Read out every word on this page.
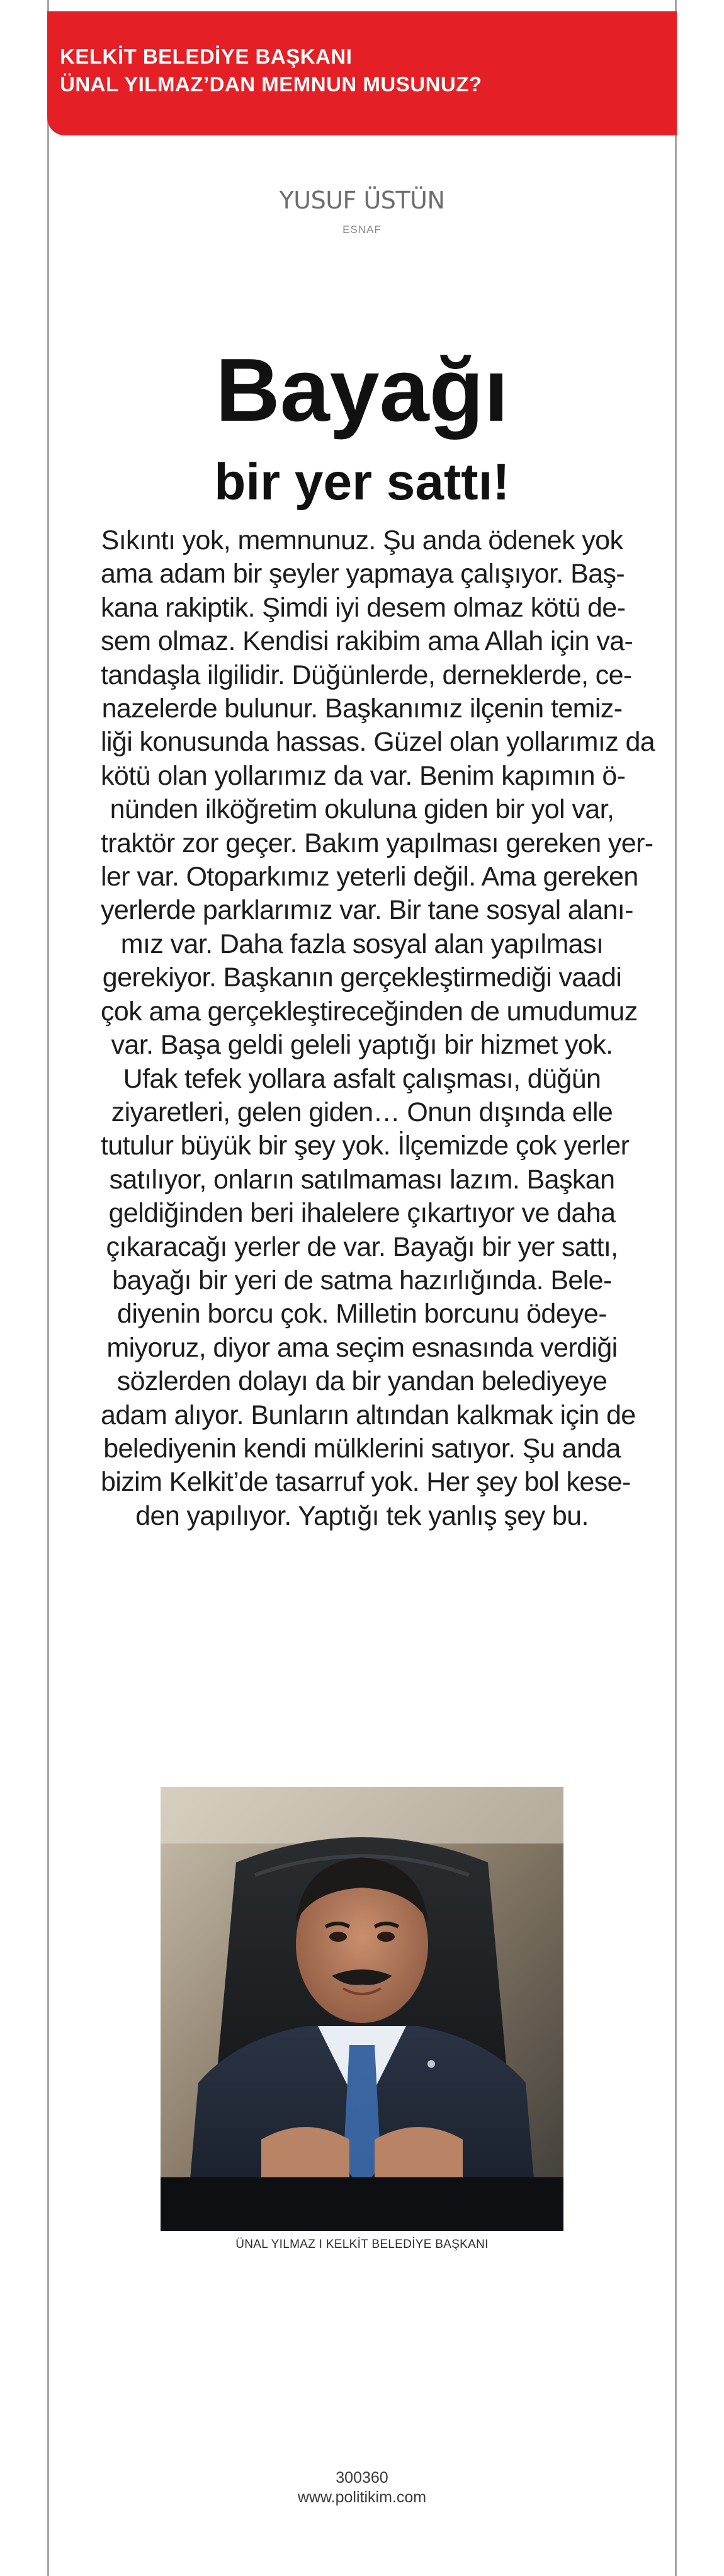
KELKİT BELEDİYE BAŞKANI
ÜNAL YILMAZ’DAN MEMNUN MUSUNUZ?
YUSUF ÜSTÜN
ESNAF
Bayağı
bir yer sattı!
Sıkıntı yok, memnunuz. Şu anda ödenek yok
ama adam bir şeyler yapmaya çalışıyor. Baş-
kana rakiptik. Şimdi iyi desem olmaz kötü de-
sem olmaz. Kendisi rakibim ama Allah için va-
tandaşla ilgilidir. Düğünlerde, derneklerde, ce-
nazelerde bulunur. Başkanımız ilçenin temiz-
liği konusunda hassas. Güzel olan yollarımız da
kötü olan yollarımız da var. Benim kapımın ö-
nünden ilköğretim okuluna giden bir yol var,
traktör zor geçer. Bakım yapılması gereken yer-
ler var. Otoparkımız yeterli değil. Ama gereken
yerlerde parklarımız var. Bir tane sosyal alanı-
mız var. Daha fazla sosyal alan yapılması
gerekiyor. Başkanın gerçekleştirmediği vaadi
çok ama gerçekleştireceğinden de umudumuz
var. Başa geldi geleli yaptığı bir hizmet yok.
Ufak tefek yollara asfalt çalışması, düğün
ziyaretleri, gelen giden… Onun dışında elle
tutulur büyük bir şey yok. İlçemizde çok yerler
satılıyor, onların satılmaması lazım. Başkan
geldiğinden beri ihalelere çıkartıyor ve daha
çıkaracağı yerler de var. Bayağı bir yer sattı,
bayağı bir yeri de satma hazırlığında. Bele-
diyenin borcu çok. Milletin borcunu ödeye-
miyoruz, diyor ama seçim esnasında verdiği
sözlerden dolayı da bir yandan belediyeye
adam alıyor. Bunların altından kalkmak için de
belediyenin kendi mülklerini satıyor. Şu anda
bizim Kelkit’de tasarruf yok. Her şey bol kese-
den yapılıyor. Yaptığı tek yanlış şey bu.
ÜNAL YILMAZ I KELKİT BELEDİYE BAŞKANI
300360
www.politikim.com
